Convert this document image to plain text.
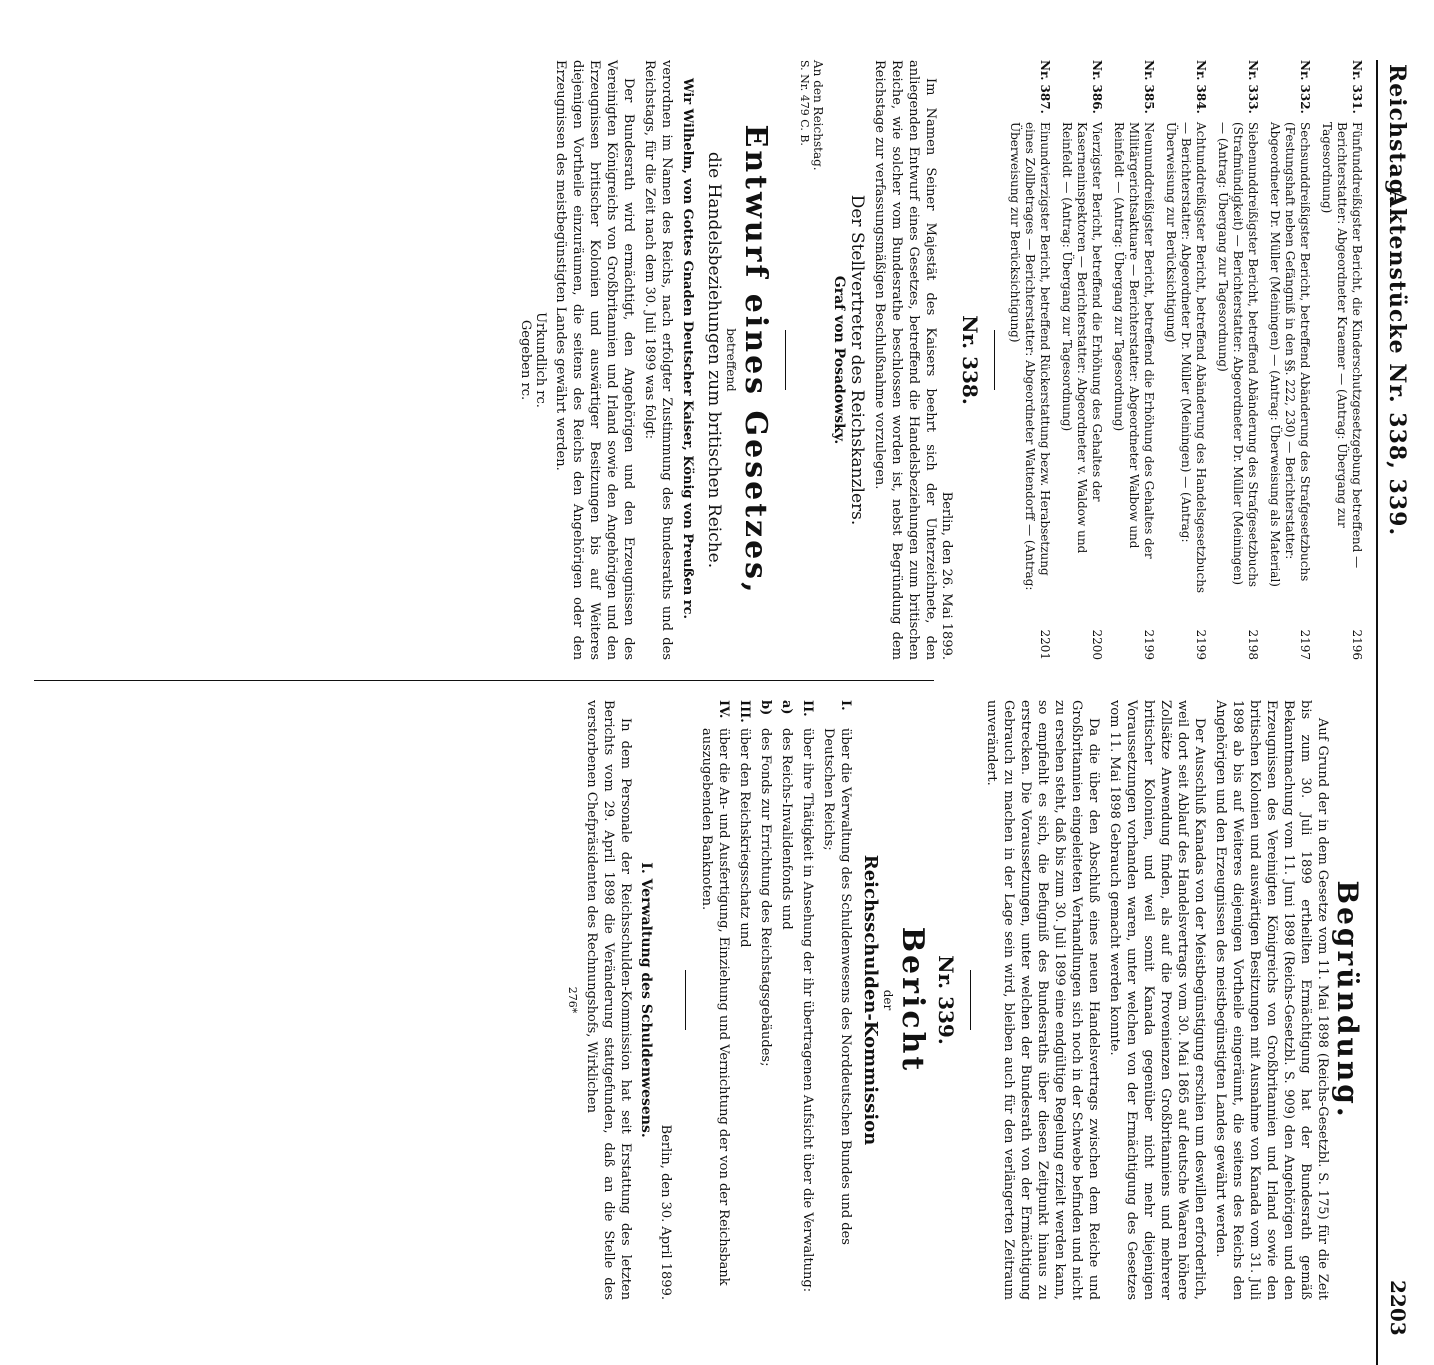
Reichstag.
Aktenstücke Nr. 338, 339.
2203
Nr. 331.
Fünfunddreißigster Bericht, die Kinderschutzgesetzgebung betreffend — Berichterstatter: Abgeordneter Kraemer — (Antrag: Übergang zur Tagesordnung)
2196
Nr. 332.
Sechsunddreißigster Bericht, betreffend Abänderung des Strafgesetzbuchs (Festungshaft neben Gefängniß in den §§. 222, 230) — Berichterstatter: Abgeordneter Dr. Müller (Meiningen) — (Antrag: Überweisung als Material)
2197
Nr. 333.
Siebenunddreißigster Bericht, betreffend Abänderung des Strafgesetzbuchs (Strafmündigkeit) — Berichterstatter: Abgeordneter Dr. Müller (Meiningen) — (Antrag: Übergang zur Tagesordnung)
2198
Nr. 384.
Achtunddreißigster Bericht, betreffend Abänderung des Handelsgesetzbuchs — Berichterstatter: Abgeordneter Dr. Müller (Meiningen) — (Antrag: Überweisung zur Berücksichtigung)
2199
Nr. 385.
Neununddreißigster Bericht, betreffend die Erhöhung des Gehaltes der Militärgerichtsaktuare — Berichterstatter: Abgeordneter Walbow und Reinfeldt — (Antrag: Übergang zur Tagesordnung)
2199
Nr. 386.
Vierzigster Bericht, betreffend die Erhöhung des Gehaltes der Kaserneninspektoren — Berichterstatter: Abgeordneter v. Waldow und Reinfeldt — (Antrag: Übergang zur Tagesordnung)
2200
Nr. 387.
Einundvierzigster Bericht, betreffend Rückerstattung bezw. Herabsetzung eines Zollbetrages — Berichterstatter: Abgeordneter Wattendorff — (Antrag: Überweisung zur Berücksichtigung)
2201
Nr. 338.
Berlin, den 26. Mai 1899.

Im Namen Seiner Majestät des Kaisers beehrt sich der Unterzeichnete, den anliegenden Entwurf eines Gesetzes, betreffend die Handelsbeziehungen zum britischen Reiche, wie solcher vom Bundesrathe beschlossen worden ist, nebst Begründung dem Reichstage zur verfassungsmäßigen Beschlußnahme vorzulegen.

Der Stellvertreter des Reichskanzlers.
Graf von Posadowsky.
An den Reichstag.
S. Nr. 479 C. B.
Entwurf eines Gesetzes,
betreffend
die Handelsbeziehungen zum britischen Reiche.

Wir Wilhelm, von Gottes Gnaden Deutscher Kaiser, König von Preußen rc.

verordnen im Namen des Reichs, nach erfolgter Zustimmung des Bundesraths und des Reichstags, für die Zeit nach dem 30. Juli 1899 was folgt:

Der Bundesrath wird ermächtigt, den Angehörigen und den Erzeugnissen des Vereinigten Königreichs von Großbritannien und Irland sowie den Angehörigen und den Erzeugnissen britischer Kolonien und auswärtiger Besitzungen bis auf Weiteres diejenigen Vortheile einzuräumen, die seitens des Reichs den Angehörigen oder den Erzeugnissen des meistbegünstigten Landes gewährt werden.

Urkundlich rc.
Gegeben rc.
Begründung.

Auf Grund der in dem Gesetze vom 11. Mai 1898 (Reichs-Gesetzbl. S. 175) für die Zeit bis zum 30. Juli 1899 ertheilten Ermächtigung hat der Bundesrath gemäß Bekanntmachung vom 11. Juni 1898 (Reichs-Gesetzbl. S. 909) den Angehörigen und den Erzeugnissen des Vereinigten Königreichs von Großbritannien und Irland sowie den britischen Kolonien und auswärtigen Besitzungen mit Ausnahme von Kanada vom 31. Juli 1898 ab bis auf Weiteres diejenigen Vortheile eingeräumt, die seitens des Reichs den Angehörigen und den Erzeugnissen des meistbegünstigten Landes gewährt werden.

Der Ausschluß Kanadas von der Meistbegünstigung erschien um deswillen erforderlich, weil dort seit Ablauf des Handelsvertrags vom 30. Mai 1865 auf deutsche Waaren höhere Zollsätze Anwendung finden, als auf die Provenienzen Großbritanniens und mehrerer britischer Kolonien, und weil somit Kanada gegenüber nicht mehr diejenigen Voraussetzungen vorhanden waren, unter welchen von der Ermächtigung des Gesetzes vom 11. Mai 1898 Gebrauch gemacht werden konnte.

Da die über den Abschluß eines neuen Handelsvertrags zwischen dem Reiche und Großbritannien eingeleiteten Verhandlungen sich noch in der Schwebe befinden und nicht zu ersehen steht, daß bis zum 30. Juli 1899 eine endgültige Regelung erzielt werden kann, so empfiehlt es sich, die Befugniß des Bundesraths über diesen Zeitpunkt hinaus zu erstrecken. Die Voraussetzungen, unter welchen der Bundesrath von der Ermächtigung Gebrauch zu machen in der Lage sein wird, bleiben auch für den verlängerten Zeitraum unverändert.

Nr. 339.
Bericht
der
Reichsschulden-Kommission
I.
über die Verwaltung des Schuldenwesens des Norddeutschen Bundes und des Deutschen Reichs;
II.
über ihre Thätigkeit in Ansehung der ihr übertragenen Aufsicht über die Verwaltung:
a)
des Reichs-Invalidenfonds und
b)
des Fonds zur Errichtung des Reichstagsgebäudes;
III.
über den Reichskriegsschatz und
IV.
über die An- und Ausfertigung, Einziehung und Vernichtung der von der Reichsbank auszugebenden Banknoten.
Berlin, den 30. April 1899.
I. Verwaltung des Schuldenwesens.

In dem Personale der Reichsschulden-Kommission hat seit Erstattung des letzten Berichts vom 29. April 1898 die Veränderung stattgefunden, daß an die Stelle des verstorbenen Chefpräsidenten des Rechnungshofs, Wirklichen

276*
